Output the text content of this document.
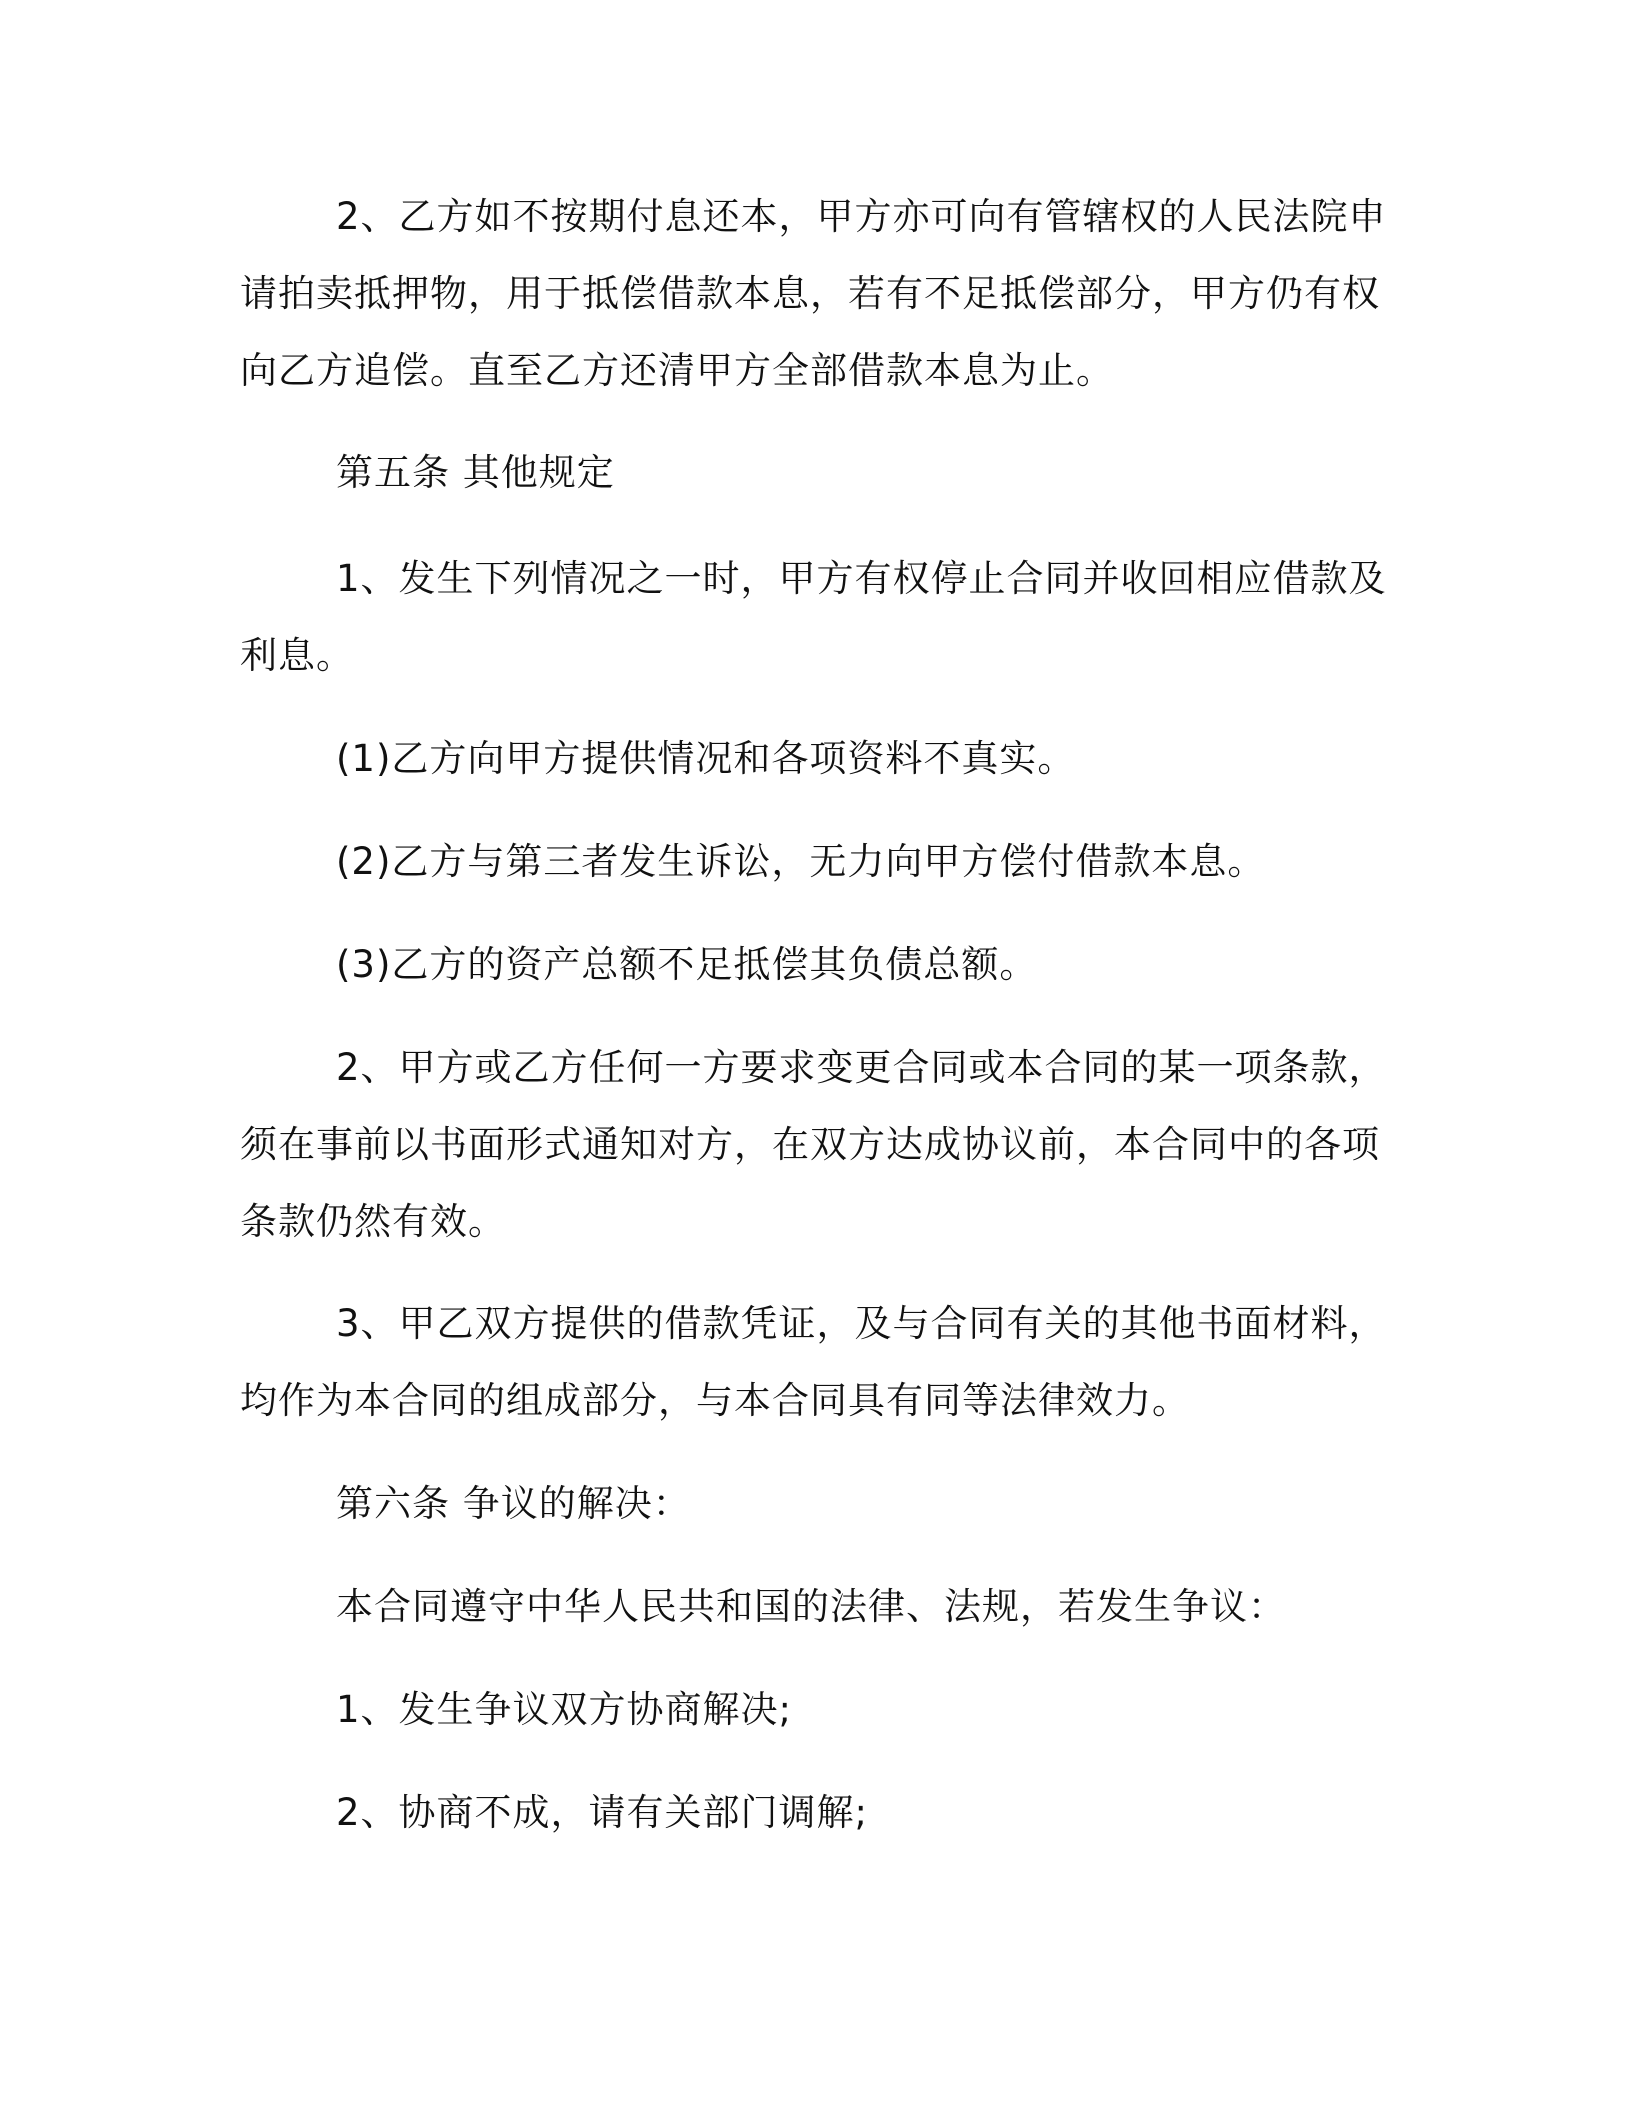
2、乙方如不按期付息还本，甲方亦可向有管辖权的人民法院申
请拍卖抵押物，用于抵偿借款本息，若有不足抵偿部分，甲方仍有权
向乙方追偿。直至乙方还清甲方全部借款本息为止。

第五条 其他规定

1、发生下列情况之一时，甲方有权停止合同并收回相应借款及
利息。

(1)乙方向甲方提供情况和各项资料不真实。

(2)乙方与第三者发生诉讼，无力向甲方偿付借款本息。

(3)乙方的资产总额不足抵偿其负债总额。

2、甲方或乙方任何一方要求变更合同或本合同的某一项条款，
须在事前以书面形式通知对方，在双方达成协议前，本合同中的各项
条款仍然有效。

3、甲乙双方提供的借款凭证，及与合同有关的其他书面材料，
均作为本合同的组成部分，与本合同具有同等法律效力。

第六条 争议的解决：

本合同遵守中华人民共和国的法律、法规，若发生争议：

1、发生争议双方协商解决;

2、协商不成，请有关部门调解;
